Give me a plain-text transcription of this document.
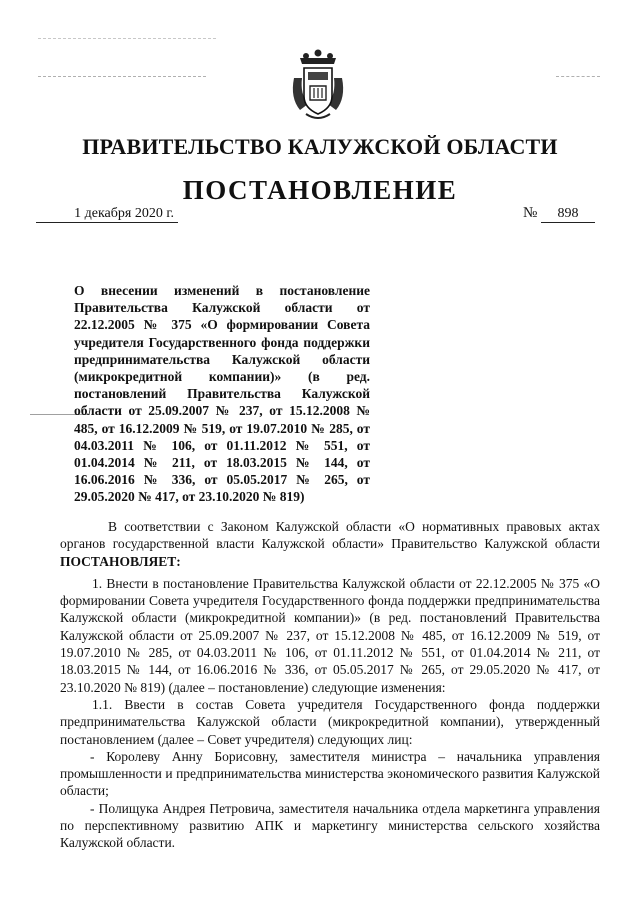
ПРАВИТЕЛЬСТВО КАЛУЖСКОЙ ОБЛАСТИ
ПОСТАНОВЛЕНИЕ
1 декабря 2020 г.	№	898
О внесении изменений в постановление Правительства Калужской области от 22.12.2005 № 375 «О формировании Совета учредителя Государственного фонда поддержки предпринимательства Калужской области (микрокредитной компании)» (в ред. постановлений Правительства Калужской области от 25.09.2007 № 237, от 15.12.2008 № 485, от 16.12.2009 № 519, от 19.07.2010 № 285, от 04.03.2011 № 106, от 01.11.2012 № 551, от 01.04.2014 № 211, от 18.03.2015 № 144, от 16.06.2016 № 336, от 05.05.2017 № 265, от 29.05.2020 № 417, от 23.10.2020 № 819)

В соответствии с Законом Калужской области «О нормативных правовых актах органов государственной власти Калужской области» Правительство Калужской области ПОСТАНОВЛЯЕТ:

1. Внести в постановление Правительства Калужской области от 22.12.2005 № 375 «О формировании Совета учредителя Государственного фонда поддержки предпринимательства Калужской области (микрокредитной компании)» (в ред. постановлений Правительства Калужской области от 25.09.2007 № 237, от 15.12.2008 № 485, от 16.12.2009 № 519, от 19.07.2010 № 285, от 04.03.2011 № 106, от 01.11.2012 № 551, от 01.04.2014 № 211, от 18.03.2015 № 144, от 16.06.2016 № 336, от 05.05.2017 № 265, от 29.05.2020 № 417, от 23.10.2020 № 819) (далее – постановление) следующие изменения:

1.1. Ввести в состав Совета учредителя Государственного фонда поддержки предпринимательства Калужской области (микрокредитной компании), утвержденный постановлением (далее – Совет учредителя) следующих лиц:

- Королеву Анну Борисовну, заместителя министра – начальника управления промышленности и предпринимательства министерства экономического развития Калужской области;

- Полищука Андрея Петровича, заместителя начальника отдела маркетинга управления по перспективному развитию АПК и маркетингу министерства сельского хозяйства Калужской области.
